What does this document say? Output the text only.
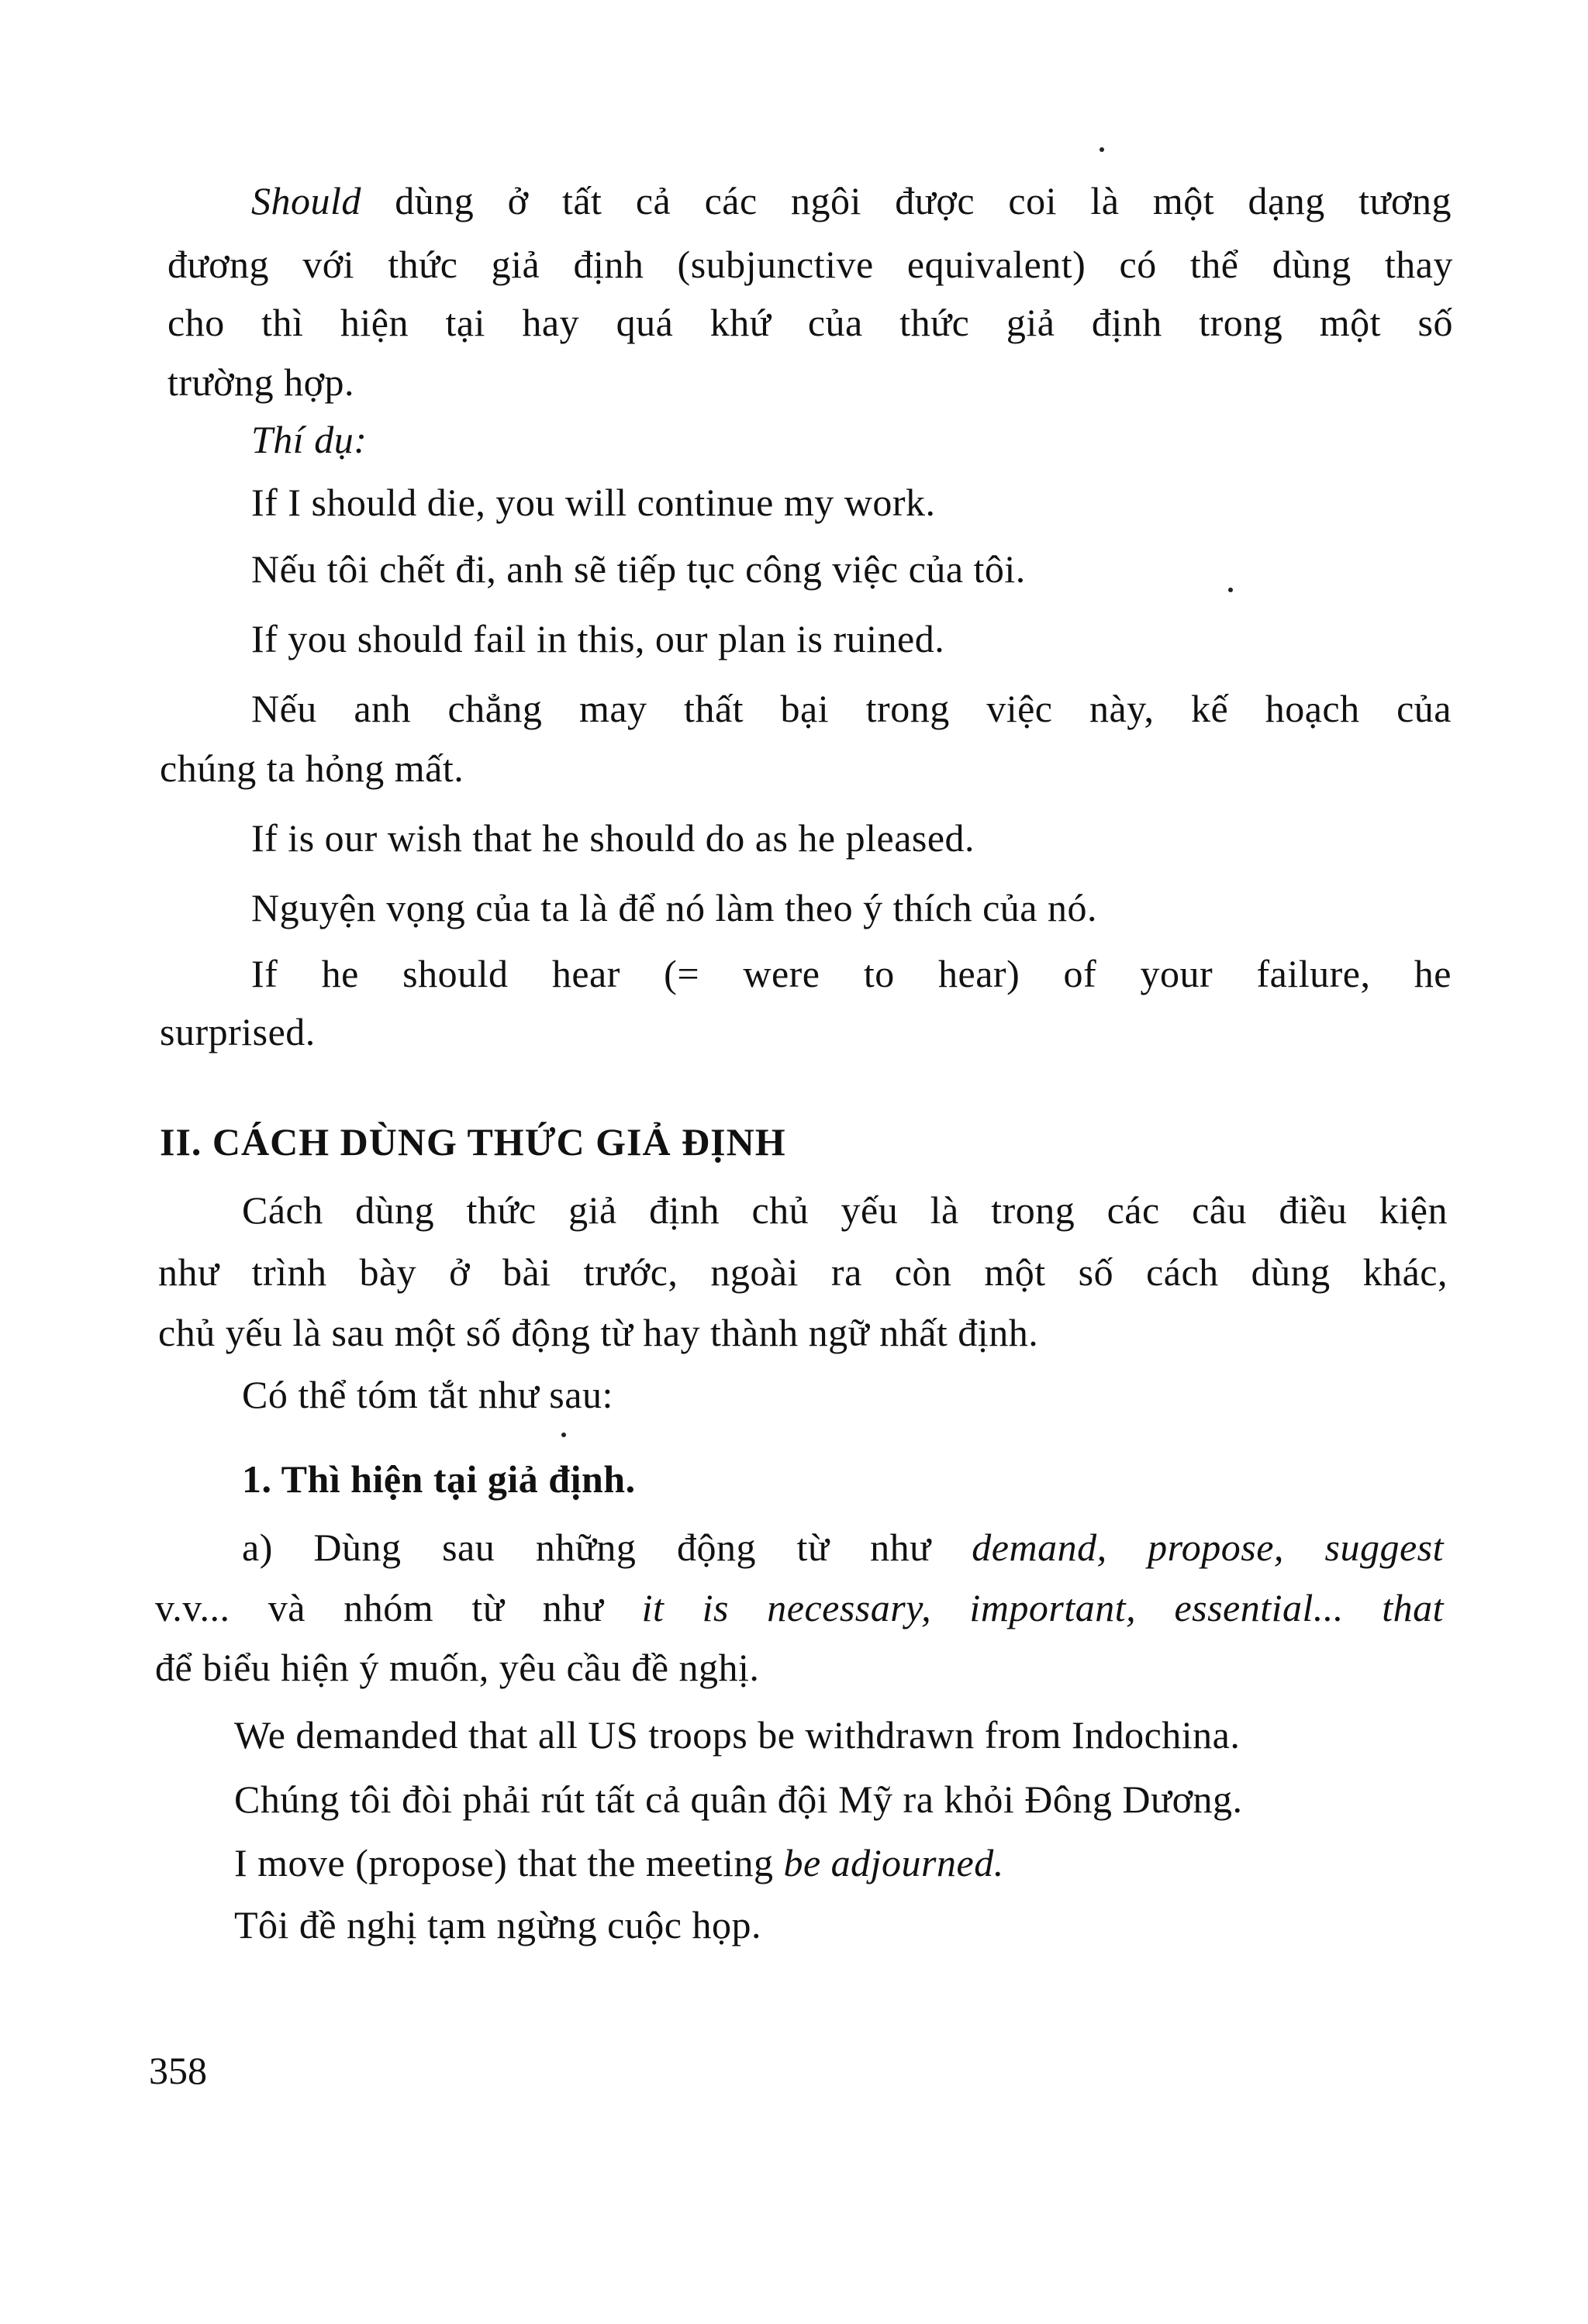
Should dùng ở tất cả các ngôi được coi là một dạng tương
đương với thức giả định (subjunctive equivalent) có thể dùng thay
cho thì hiện tại hay quá khứ của thức giả định trong một số
trường hợp.
Thí dụ:
If I should die, you will continue my work.
Nếu tôi chết đi, anh sẽ tiếp tục công việc của tôi.
If you should fail in this, our plan is ruined.
Nếu anh chẳng may thất bại trong việc này, kế hoạch của
chúng ta hỏng mất.
If is our wish that he should do as he pleased.
Nguyện vọng của ta là để nó làm theo ý thích của nó.
If he should hear (= were to hear) of your failure, he
surprised.
II. CÁCH DÙNG THỨC GIẢ ĐỊNH
Cách dùng thức giả định chủ yếu là trong các câu điều kiện
như trình bày ở bài trước, ngoài ra còn một số cách dùng khác,
chủ yếu là sau một số động từ hay thành ngữ nhất định.
Có thể tóm tắt như sau:
1. Thì hiện tại giả định.
a) Dùng sau những động từ như demand, propose, suggest
v.v... và nhóm từ như it is necessary, important, essential... that
để biểu hiện ý muốn, yêu cầu đề nghị.
We demanded that all US troops be withdrawn from Indochina.
Chúng tôi đòi phải rút tất cả quân đội Mỹ ra khỏi Đông Dương.
I move (propose) that the meeting be adjourned.
Tôi đề nghị tạm ngừng cuộc họp.
358
